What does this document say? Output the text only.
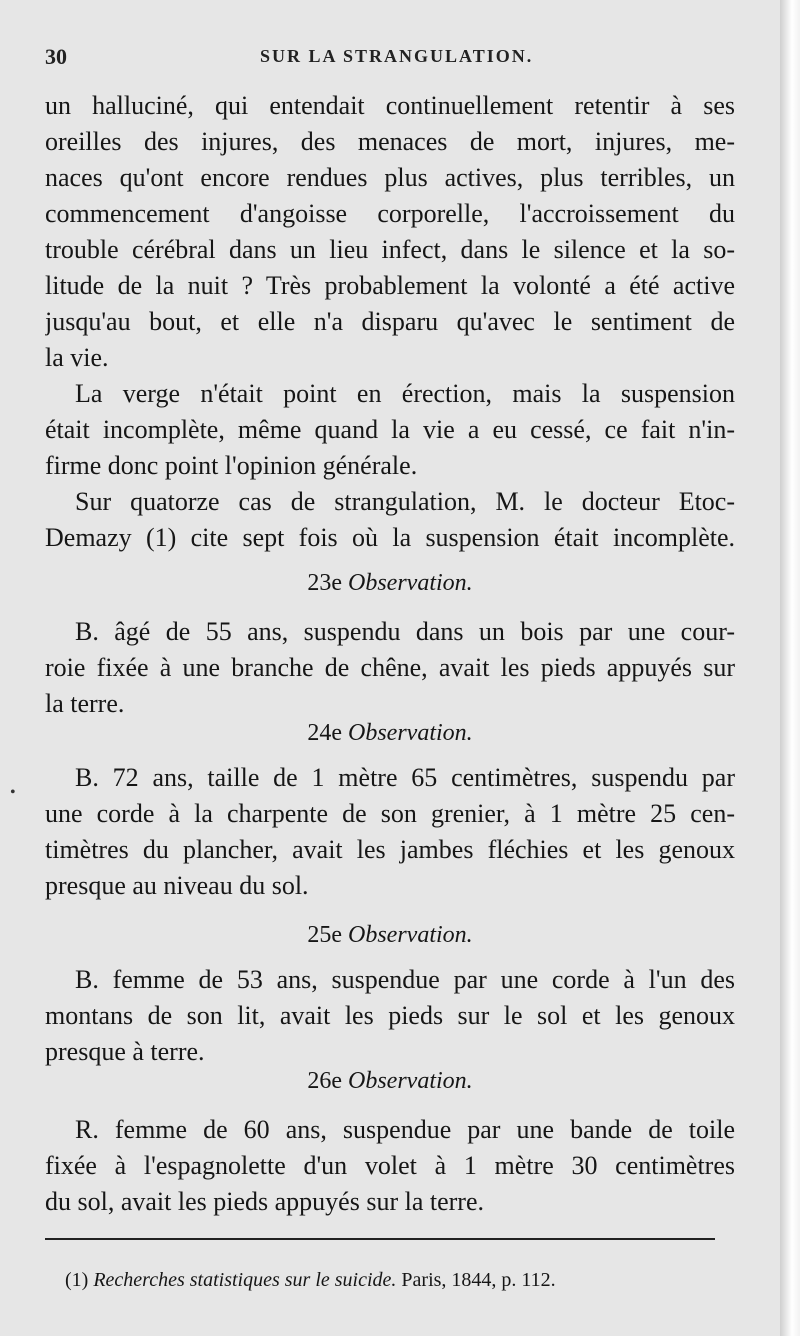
30	SUR LA STRANGULATION.
un halluciné, qui entendait continuellement retentir à ses
oreilles des injures, des menaces de mort, injures, me-
naces qu'ont encore rendues plus actives, plus terribles, un
commencement d'angoisse corporelle, l'accroissement du
trouble cérébral dans un lieu infect, dans le silence et la so-
litude de la nuit ? Très probablement la volonté a été active
jusqu'au bout, et elle n'a disparu qu'avec le sentiment de
la vie.
La verge n'était point en érection, mais la suspension
était incomplète, même quand la vie a eu cessé, ce fait n'in-
firme donc point l'opinion générale.
Sur quatorze cas de strangulation, M. le docteur Etoc-
Demazy (1) cite sept fois où la suspension était incomplète.
23e Observation.
B. âgé de 55 ans, suspendu dans un bois par une cour-
roie fixée à une branche de chêne, avait les pieds appuyés sur
la terre.
24e Observation.
•
B. 72 ans, taille de 1 mètre 65 centimètres, suspendu par
une corde à la charpente de son grenier, à 1 mètre 25 cen-
timètres du plancher, avait les jambes fléchies et les genoux
presque au niveau du sol.
25e Observation.
B. femme de 53 ans, suspendue par une corde à l'un des
montans de son lit, avait les pieds sur le sol et les genoux
presque à terre.
26e Observation.
R. femme de 60 ans, suspendue par une bande de toile
fixée à l'espagnolette d'un volet à 1 mètre 30 centimètres
du sol, avait les pieds appuyés sur la terre.
(1) Recherches statistiques sur le suicide. Paris, 1844, p. 112.
